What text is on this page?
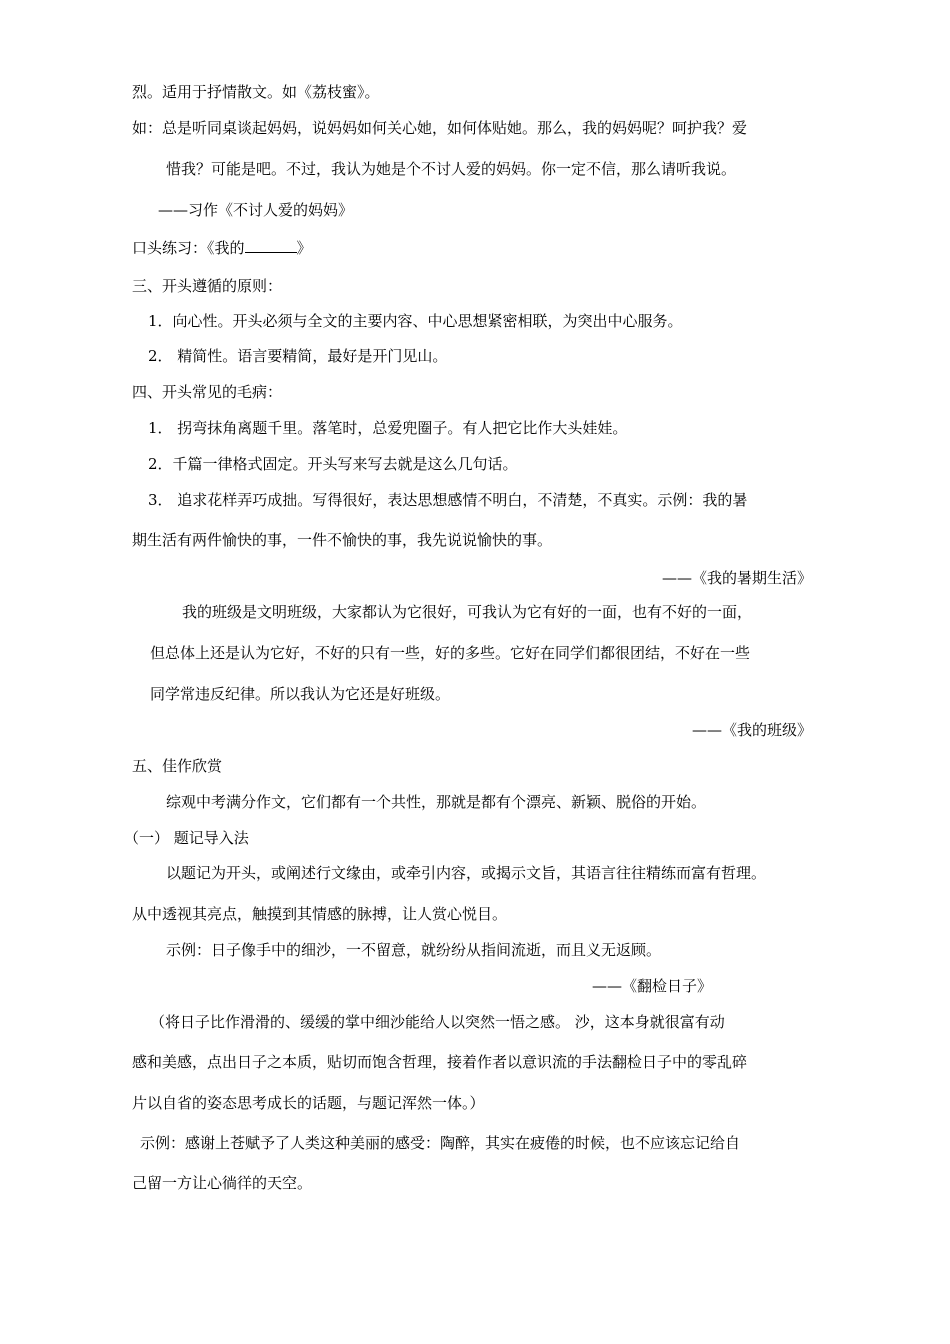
烈。适用于抒情散文。如《荔枝蜜》。
如：总是听同桌谈起妈妈，说妈妈如何关心她，如何体贴她。那么，我的妈妈呢？呵护我？爱
惜我？可能是吧。不过，我认为她是个不讨人爱的妈妈。你一定不信，那么请听我说。
——习作《不讨人爱的妈妈》
口头练习：《我的	》
三、开头遵循的原则：
1．向心性。开头必须与全文的主要内容、中心思想紧密相联，为突出中心服务。
2． 精简性。语言要精简，最好是开门见山。
四、开头常见的毛病：
1． 拐弯抹角离题千里。落笔时，总爱兜圈子。有人把它比作大头娃娃。
2．千篇一律格式固定。开头写来写去就是这么几句话。
3． 追求花样弄巧成拙。写得很好，表达思想感情不明白，不清楚，不真实。示例：我的暑
期生活有两件愉快的事，一件不愉快的事，我先说说愉快的事。
——《我的暑期生活》
我的班级是文明班级，大家都认为它很好，可我认为它有好的一面，也有不好的一面，
但总体上还是认为它好，不好的只有一些，好的多些。它好在同学们都很团结，不好在一些
同学常违反纪律。所以我认为它还是好班级。
——《我的班级》
五、佳作欣赏
综观中考满分作文，它们都有一个共性，那就是都有个漂亮、新颖、脱俗的开始。
（一） 题记导入法
以题记为开头，或阐述行文缘由，或牵引内容，或揭示文旨，其语言往往精练而富有哲理。
从中透视其亮点，触摸到其情感的脉搏，让人赏心悦目。
示例：日子像手中的细沙，一不留意，就纷纷从指间流逝，而且义无返顾。
——《翻检日子》
（将日子比作滑滑的、缓缓的掌中细沙能给人以突然一悟之感。 沙，这本身就很富有动
感和美感，点出日子之本质，贴切而饱含哲理，接着作者以意识流的手法翻检日子中的零乱碎
片以自省的姿态思考成长的话题，与题记浑然一体。）
示例：感谢上苍赋予了人类这种美丽的感受：陶醉，其实在疲倦的时候，也不应该忘记给自
己留一方让心徜徉的天空。
